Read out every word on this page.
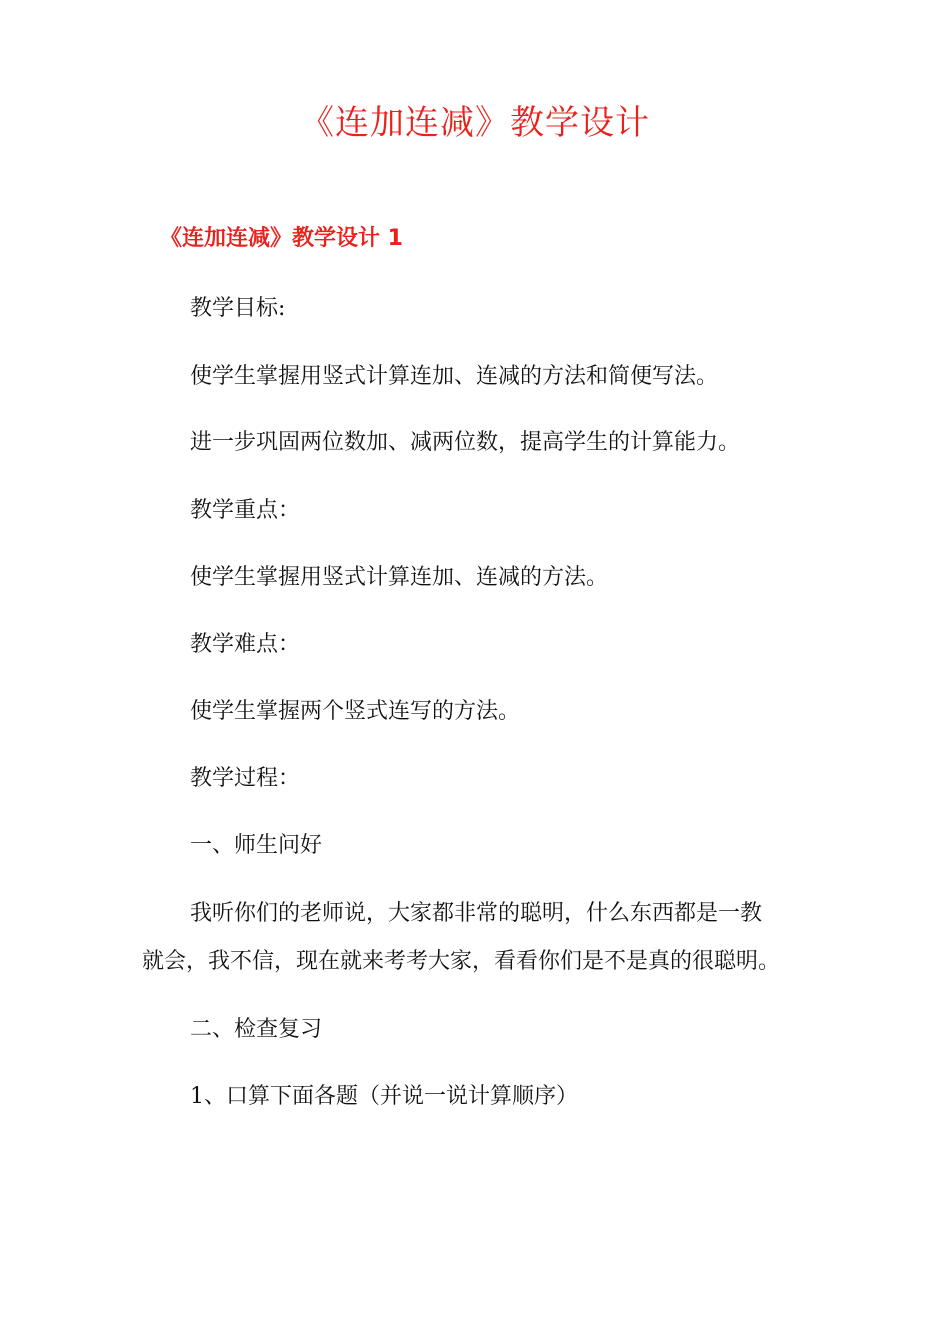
《连加连减》教学设计
《连加连减》教学设计 1

教学目标:

使学生掌握用竖式计算连加、连减的方法和简便写法。

进一步巩固两位数加、减两位数，提高学生的计算能力。

教学重点：

使学生掌握用竖式计算连加、连减的方法。

教学难点：

使学生掌握两个竖式连写的方法。

教学过程：

一、师生问好

我听你们的老师说，大家都非常的聪明，什么东西都是一教
就会，我不信，现在就来考考大家，看看你们是不是真的很聪明。

二、检查复习

1、口算下面各题（并说一说计算顺序）
